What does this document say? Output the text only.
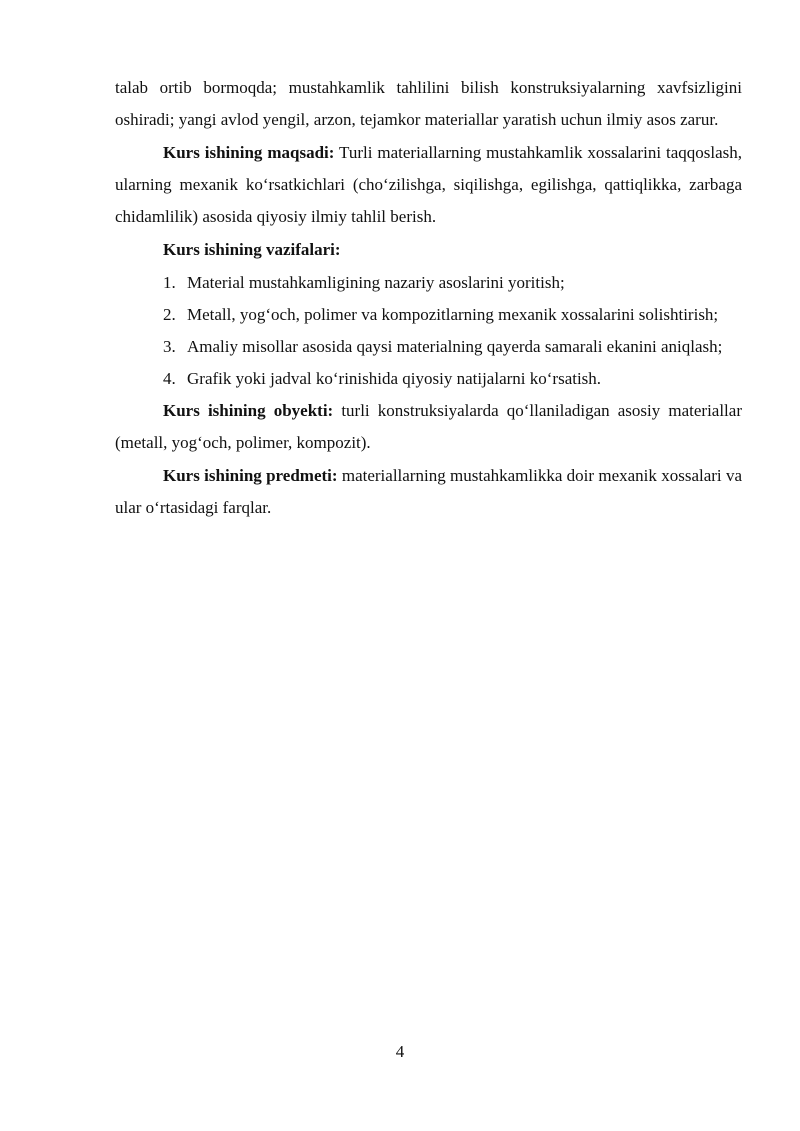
talab ortib bormoqda; mustahkamlik tahlilini bilish konstruksiyalarning xavfsizligini oshiradi; yangi avlod yengil, arzon, tejamkor materiallar yaratish uchun ilmiy asos zarur.

Kurs ishining maqsadi: Turli materiallarning mustahkamlik xossalarini taqqoslash, ularning mexanik ko‘rsatkichlari (cho‘zilishga, siqilishga, egilishga, qattiqlikka, zarbaga chidamlilik) asosida qiyosiy ilmiy tahlil berish.

Kurs ishining vazifalari:

1. Material mustahkamligining nazariy asoslarini yoritish;
2. Metall, yog‘och, polimer va kompozitlarning mexanik xossalarini solishtirish;
3. Amaliy misollar asosida qaysi materialning qayerda samarali ekanini aniqlash;
4. Grafik yoki jadval ko‘rinishida qiyosiy natijalarni ko‘rsatish.

Kurs ishining obyekti: turli konstruksiyalarda qo‘llaniladigan asosiy materiallar (metall, yog‘och, polimer, kompozit).

Kurs ishining predmeti: materiallarning mustahkamlikka doir mexanik xossalari va ular o‘rtasidagi farqlar.

4
